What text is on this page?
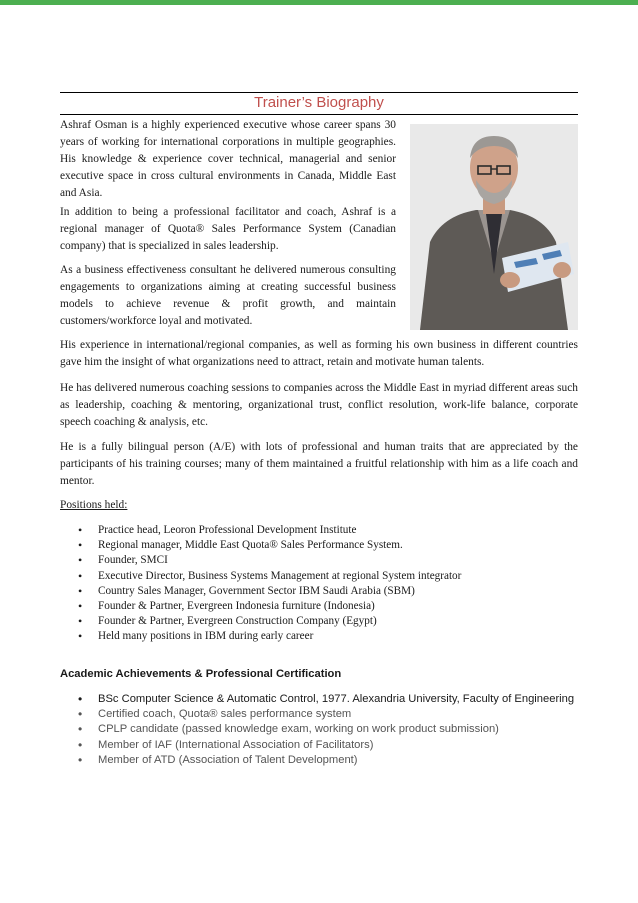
Trainer’s Biography

Ashraf Osman is a highly experienced executive whose career spans 30 years of working for international corporations in multiple geographies. His knowledge & experience cover technical, managerial and senior executive space in cross cultural environments in Canada, Middle East and Asia.

In addition to being a professional facilitator and coach, Ashraf is a regional manager of Quota® Sales Performance System (Canadian company) that is specialized in sales leadership.

As a business effectiveness consultant he delivered numerous consulting engagements to organizations aiming at creating successful business models to achieve revenue & profit growth, and maintain customers/workforce loyal and motivated.

His experience in international/regional companies, as well as forming his own business in different countries gave him the insight of what organizations need to attract, retain and motivate human talents.

He has delivered numerous coaching sessions to companies across the Middle East in myriad different areas such as leadership, coaching & mentoring, organizational trust, conflict resolution, work-life balance, corporate speech coaching & analysis, etc.

He is a fully bilingual person (A/E) with lots of professional and human traits that are appreciated by the participants of his training courses; many of them maintained a fruitful relationship with him as a life coach and mentor.

Positions held:

• Practice head, Leoron Professional Development Institute
• Regional manager, Middle East Quota® Sales Performance System.
• Founder, SMCI
• Executive Director, Business Systems Management at regional System integrator
• Country Sales Manager, Government Sector IBM Saudi Arabia (SBM)
• Founder & Partner, Evergreen Indonesia furniture (Indonesia)
• Founder & Partner, Evergreen Construction Company (Egypt)
• Held many positions in IBM during early career

Academic Achievements & Professional Certification

• BSc Computer Science & Automatic Control, 1977. Alexandria University, Faculty of Engineering
• Certified coach, Quota® sales performance system
• CPLP candidate (passed knowledge exam, working on work product submission)
• Member of IAF (International Association of Facilitators)
• Member of ATD (Association of Talent Development)
